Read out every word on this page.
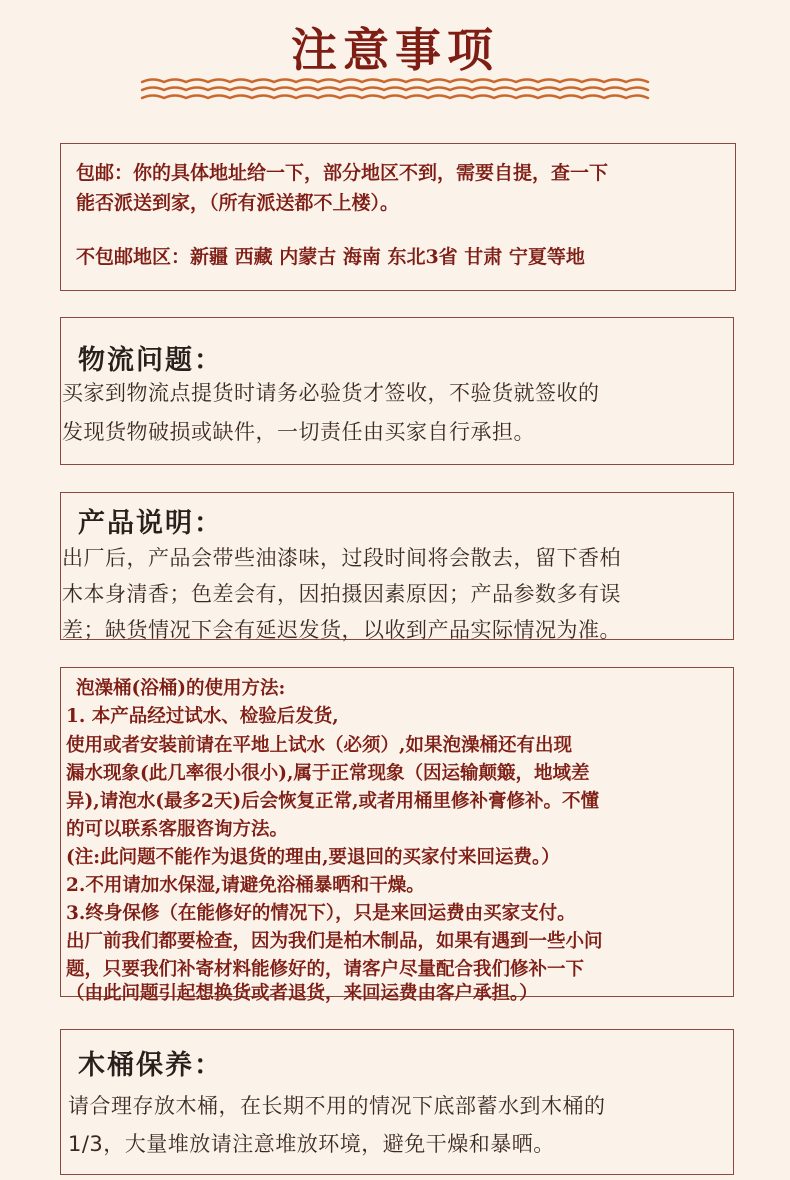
注意事项
包邮：你的具体地址给一下，部分地区不到，需要自提，查一下
能否派送到家，（所有派送都不上楼）。
不包邮地区：新疆 西藏 内蒙古 海南 东北3省 甘肃 宁夏等地
物流问题：
买家到物流点提货时请务必验货才签收，不验货就签收的
发现货物破损或缺件，一切责任由买家自行承担。
产品说明：
出厂后，产品会带些油漆味，过段时间将会散去，留下香柏
木本身清香；色差会有，因拍摄因素原因；产品参数多有误
差；缺货情况下会有延迟发货，以收到产品实际情况为准。
泡澡桶(浴桶)的使用方法:
1. 本产品经过试水、检验后发货,
使用或者安装前请在平地上试水（必须）,如果泡澡桶还有出现
漏水现象(此几率很小很小),属于正常现象（因运输颠簸，地域差
异),请泡水(最多2天)后会恢复正常,或者用桶里修补膏修补。不懂
的可以联系客服咨询方法。
(注:此问题不能作为退货的理由,要退回的买家付来回运费。）
2.不用请加水保湿,请避免浴桶暴晒和干燥。
3.终身保修（在能修好的情况下），只是来回运费由买家支付。
出厂前我们都要检查，因为我们是柏木制品，如果有遇到一些小问
题，只要我们补寄材料能修好的，请客户尽量配合我们修补一下
（由此问题引起想换货或者退货，来回运费由客户承担。）
木桶保养：
请合理存放木桶，在长期不用的情况下底部蓄水到木桶的
1/3，大量堆放请注意堆放环境，避免干燥和暴晒。
